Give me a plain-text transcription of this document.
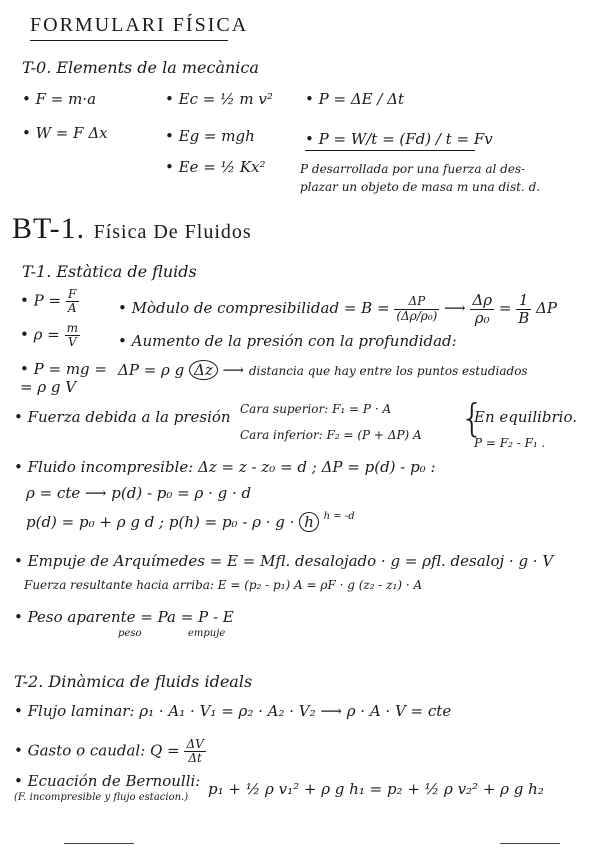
FORMULARI FÍSICA
T-0. Elements de la mecànica
• F = m·a
• W = F Δx
• Ec = ½ m v²
• Eg = mgh
• Ee = ½ Kx²
• P = ΔE / Δt
• P = W/t = (Fd) / t = Fv
P desarrollada por una fuerza al des-
plazar un objeto de masa m una dist. d.
BT-1. Física De Fluidos
T-1. Estàtica de fluids
• $P = \frac{F}{A}$
• $\rho = \frac{m}{V}$
• P = mg =
= ρ g V
• Mòdulo de compresibilidad = $B = \frac{\Delta P}{\text{(Δρ/ρ₀)}}$ ⟶ $\frac{\Delta\rho}{\text{ρ₀}} = \frac{1}{B}$ ΔP
• Aumento de la presión con la profundidad:
ΔP = ρ g Δz ⟶ distancia que hay entre los puntos estudiados
• Fuerza debida a la presión Cara superior: F₁ = P · A
Cara inferior: F₂ = (P + ΔP) A {
En equilibrio.
P = F₂ - F₁ .
• Fluido incompresible: Δz = z - z₀ = d ; ΔP = p(d) - p₀ :
ρ = cte ⟶ p(d) - p₀ = ρ · g · d
p(d) = p₀ + ρ g d ; p(h) = p₀ - ρ · g · h $^{h = -d}$
• Empuje de Arquímedes = E = Mfl. desalojado · g = ρfl. desaloj · g · V
Fuerza resultante hacia arriba: E = (p₂ - p₁) A = ρF · g (z₂ - z₁) · A
• Peso aparente = Pa = P - E
peso	empuje
T-2. Dinàmica de fluids ideals
• Flujo laminar: ρ₁ · A₁ · V₁ = ρ₂ · A₂ · V₂ ⟶ ρ · A · V = cte
• Gasto o caudal: $Q = \frac{\Delta V}{\Delta t}$
• Ecuación de Bernoulli:
(F. incompresible y flujo estacion.) p₁ + ½ ρ v₁² + ρ g h₁ = p₂ + ½ ρ v₂² + ρ g h₂
